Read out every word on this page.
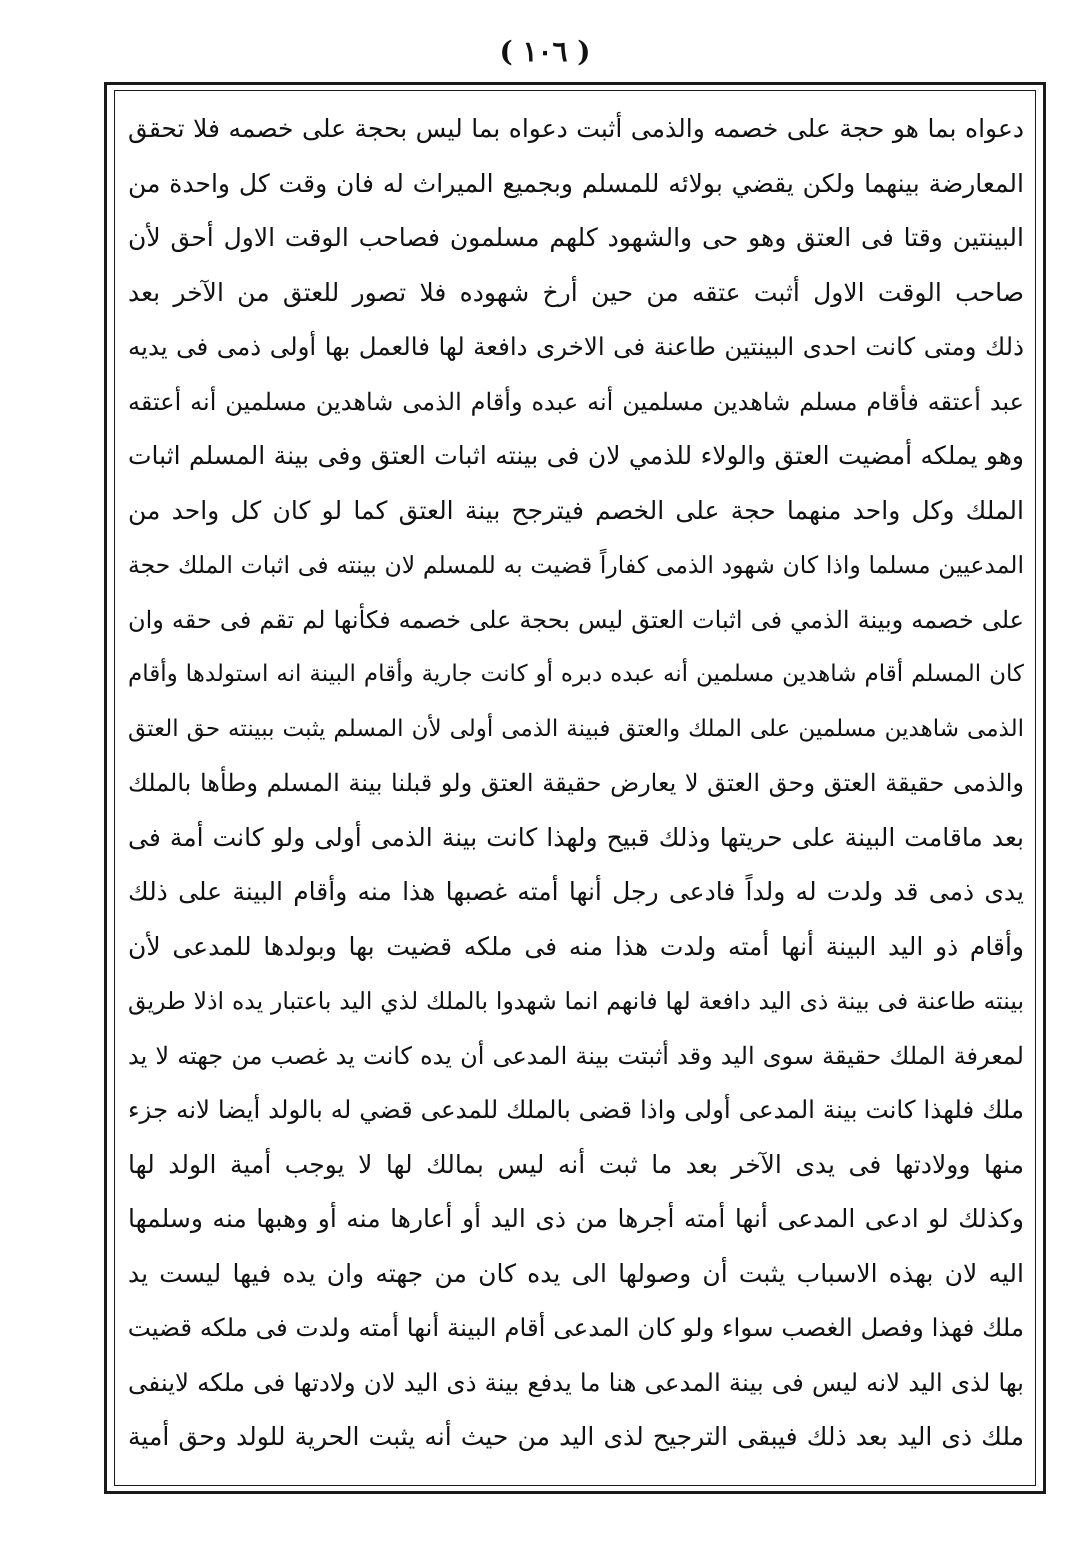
( ١٠٦ )
دعواه بما هو حجة على خصمه والذمى أثبت دعواه بما ليس بحجة على خصمه فلا تحقق
المعارضة بينهما ولكن يقضي بولائه للمسلم وبجميع الميراث له فان وقت كل واحدة من
البينتين وقتا فى العتق وهو حى والشهود كلهم مسلمون فصاحب الوقت الاول أحق لأن
صاحب الوقت الاول أثبت عتقه من حين أرخ شهوده فلا تصور للعتق من الآخر بعد
ذلك ومتى كانت احدى البينتين طاعنة فى الاخرى دافعة لها فالعمل بها أولى ذمى فى يديه
عبد أعتقه فأقام مسلم شاهدين مسلمين أنه عبده وأقام الذمى شاهدين مسلمين أنه أعتقه
وهو يملكه أمضيت العتق والولاء للذمي لان فى بينته اثبات العتق وفى بينة المسلم اثبات
الملك وكل واحد منهما حجة على الخصم فيترجح بينة العتق كما لو كان كل واحد من
المدعيين مسلما واذا كان شهود الذمى كفاراً قضيت به للمسلم لان بينته فى اثبات الملك حجة
على خصمه وبينة الذمي فى اثبات العتق ليس بحجة على خصمه فكأنها لم تقم فى حقه وان
كان المسلم أقام شاهدين مسلمين أنه عبده دبره أو كانت جارية وأقام البينة انه استولدها وأقام
الذمى شاهدين مسلمين على الملك والعتق فبينة الذمى أولى لأن المسلم يثبت ببينته حق العتق
والذمى حقيقة العتق وحق العتق لا يعارض حقيقة العتق ولو قبلنا بينة المسلم وطأها بالملك
بعد ماقامت البينة على حريتها وذلك قبيح ولهذا كانت بينة الذمى أولى ولو كانت أمة فى
يدى ذمى قد ولدت له ولداً فادعى رجل أنها أمته غصبها هذا منه وأقام البينة على ذلك
وأقام ذو اليد البينة أنها أمته ولدت هذا منه فى ملكه قضيت بها وبولدها للمدعى لأن
بينته طاعنة فى بينة ذى اليد دافعة لها فانهم انما شهدوا بالملك لذي اليد باعتبار يده اذلا طريق
لمعرفة الملك حقيقة سوى اليد وقد أثبتت بينة المدعى أن يده كانت يد غصب من جهته لا يد
ملك فلهذا كانت بينة المدعى أولى واذا قضى بالملك للمدعى قضي له بالولد أيضا لانه جزء
منها وولادتها فى يدى الآخر بعد ما ثبت أنه ليس بمالك لها لا يوجب أمية الولد لها
وكذلك لو ادعى المدعى أنها أمته أجرها من ذى اليد أو أعارها منه أو وهبها منه وسلمها
اليه لان بهذه الاسباب يثبت أن وصولها الى يده كان من جهته وان يده فيها ليست يد
ملك فهذا وفصل الغصب سواء ولو كان المدعى أقام البينة أنها أمته ولدت فى ملكه قضيت
بها لذى اليد لانه ليس فى بينة المدعى هنا ما يدفع بينة ذى اليد لان ولادتها فى ملكه لاينفى
ملك ذى اليد بعد ذلك فيبقى الترجيح لذى اليد من حيث أنه يثبت الحرية للولد وحق أمية
